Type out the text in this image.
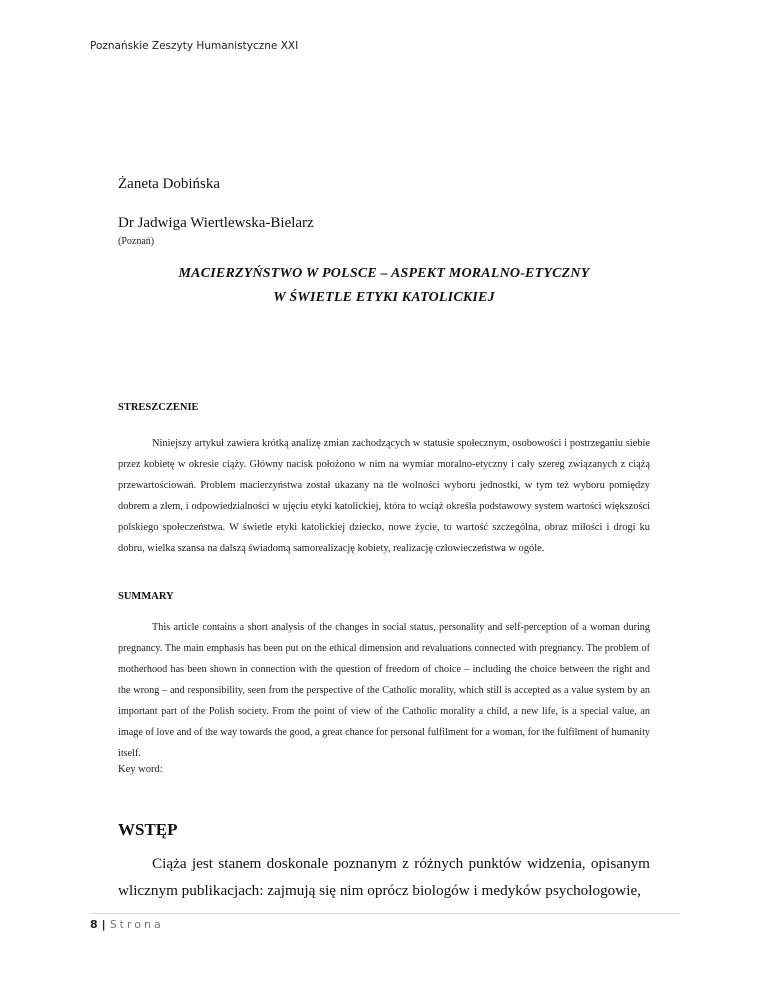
Poznańskie Zeszyty Humanistyczne XXI
Żaneta Dobińska
Dr Jadwiga Wiertlewska-Bielarz
(Poznań)
MACIERZYŃSTWO W POLSCE – ASPEKT MORALNO-ETYCZNY
W ŚWIETLE ETYKI KATOLICKIEJ
STRESZCZENIE

Niniejszy artykuł zawiera krótką analizę zmian zachodzących w statusie społecznym, osobowości i postrzeganiu siebie przez kobietę w okresie ciąży. Główny nacisk położono w nim na wymiar moralno-etyczny i cały szereg związanych z ciążą przewartościowań. Problem macierzyństwa został ukazany na tle wolności wyboru jednostki, w tym też wyboru pomiędzy dobrem a złem, i odpowiedzialności w ujęciu etyki katolickiej, która to wciąż określa podstawowy system wartości większości polskiego społeczeństwa. W świetle etyki katolickiej dziecko, nowe życie, to wartość szczególna, obraz miłości i drogi ku dobru, wielka szansa na dalszą świadomą samorealizację kobiety, realizację człowieczeństwa w ogóle.

SUMMARY

This article contains a short analysis of the changes in social status, personality and self-perception of a woman during pregnancy. The main emphasis has been put on the ethical dimension and revaluations connected with pregnancy. The problem of motherhood has been shown in connection with the question of freedom of choice – including the choice between the right and the wrong – and responsibility, seen from the perspective of the Catholic morality, which still is accepted as a value system by an important part of the Polish society. From the point of view of the Catholic morality a child, a new life, is a special value, an image of love and of the way towards the good, a great chance for personal fulfilment for a woman, for the fulfilment of humanity itself.

Key word:
WSTĘP

Ciąża jest stanem doskonale poznanym z różnych punktów widzenia, opisanym wlicznym publikacjach: zajmują się nim oprócz biologów i medyków psychologowie,

8 | Strona
